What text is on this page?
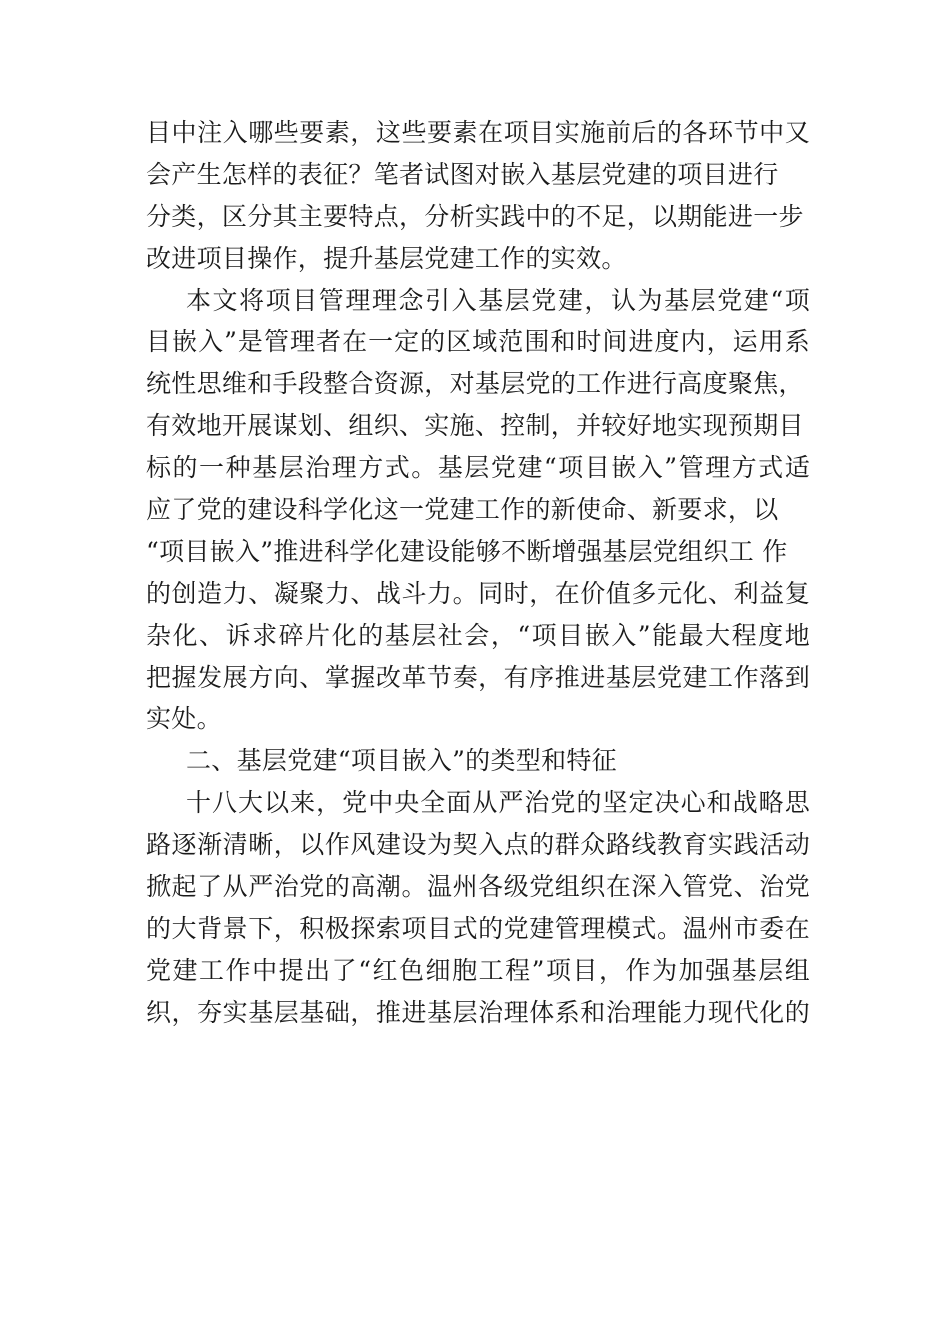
目中注入哪些要素，这些要素在项目实施前后的各环节中又
会产生怎样的表征？笔者试图对嵌入基层党建的项目进行
分类，区分其主要特点，分析实践中的不足，以期能进一步
改进项目操作，提升基层党建工作的实效。
本文将项目管理理念引入基层党建，认为基层党建“项
目嵌入”是管理者在一定的区域范围和时间进度内，运用系
统性思维和手段整合资源，对基层党的工作进行高度聚焦，
有效地开展谋划、组织、实施、控制，并较好地实现预期目
标的一种基层治理方式。基层党建“项目嵌入”管理方式适
应了党的建设科学化这一党建工作的新使命、新要求，以
“项目嵌入”推进科学化建设能够不断增强基层党组织工 作
的创造力、凝聚力、战斗力。同时，在价值多元化、利益复
杂化、诉求碎片化的基层社会，“项目嵌入”能最大程度地
把握发展方向、掌握改革节奏，有序推进基层党建工作落到
实处。
二、基层党建“项目嵌入”的类型和特征
十八大以来，党中央全面从严治党的坚定决心和战略思
路逐渐清晰，以作风建设为契入点的群众路线教育实践活动
掀起了从严治党的高潮。温州各级党组织在深入管党、治党
的大背景下，积极探索项目式的党建管理模式。温州市委在
党建工作中提出了“红色细胞工程”项目，作为加强基层组
织，夯实基层基础，推进基层治理体系和治理能力现代化的
